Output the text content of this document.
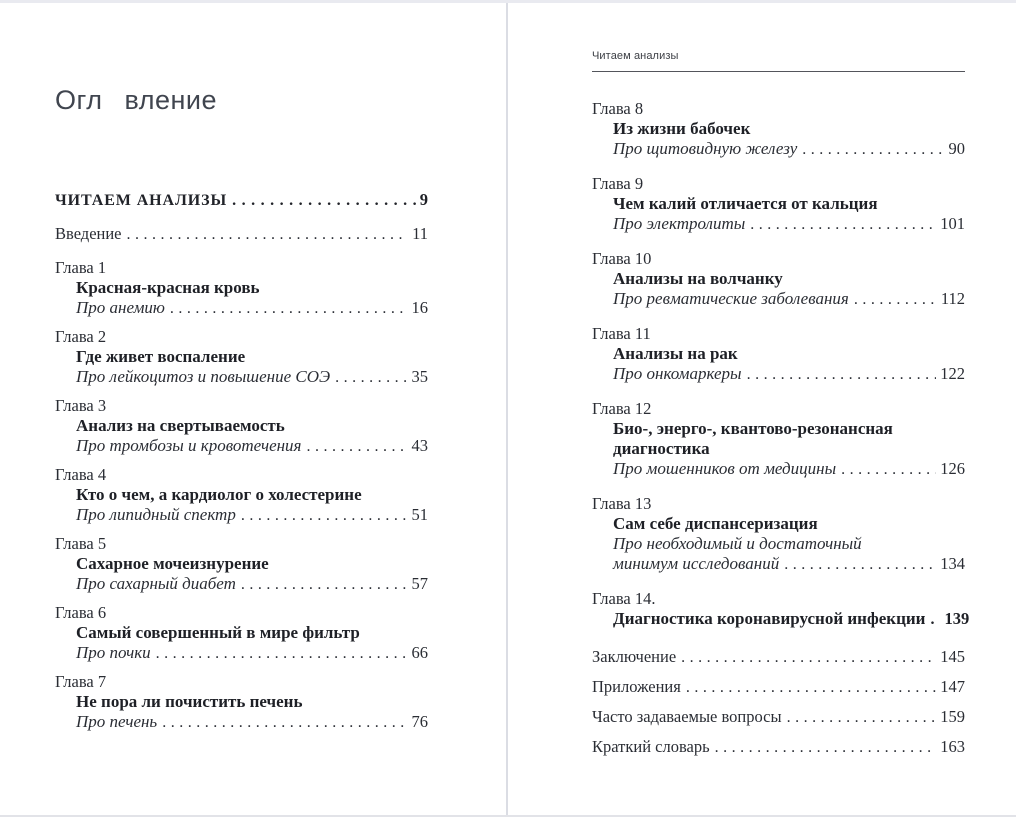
Огл  вление
ЧИТАЕМ АНАЛИЗЫ .....	9
Введение .....	11
Глава 1
Красная-красная кровь
Про анемию .....	16
Глава 2
Где живет воспаление
Про лейкоцитоз и повышение СОЭ .....	35
Глава 3
Анализ на свертываемость
Про тромбозы и кровотечения .....	43
Глава 4
Кто о чем, а кардиолог о холестерине
Про липидный спектр .....	51
Глава 5
Сахарное мочеизнурение
Про сахарный диабет .....	57
Глава 6
Самый совершенный в мире фильтр
Про почки .....	66
Глава 7
Не пора ли почистить печень
Про печень .....	76
Читаем анализы
Глава 8
Из жизни бабочек
Про щитовидную железу .....	90
Глава 9
Чем калий отличается от кальция
Про электролиты .....	101
Глава 10
Анализы на волчанку
Про ревматические заболевания .....	112
Глава 11
Анализы на рак
Про онкомаркеры .....	122
Глава 12
Био-, энерго-, квантово-резонансная
диагностика
Про мошенников от медицины .....	126
Глава 13
Сам себе диспансеризация
Про необходимый и достаточный
минимум исследований .....	134
Глава 14.
Диагностика коронавирусной инфекции ..... 139
Заключение .....	145
Приложения .....	147
Часто задаваемые вопросы .....	159
Краткий словарь .....	163
